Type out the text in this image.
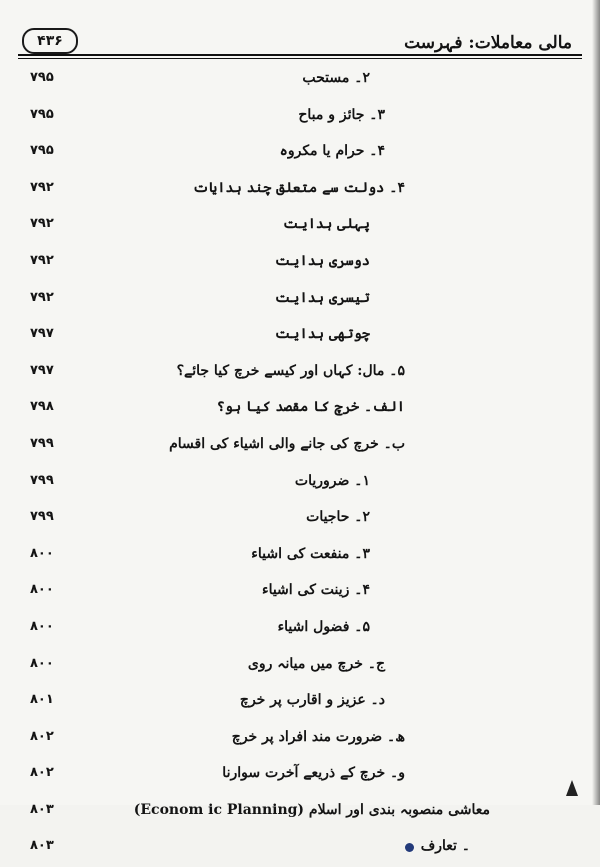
۴۳۶	مالی معاملات: فہرست
۷۹۵	۲۔ مستحب
۷۹۵	۳۔ جائز و مباح
۷۹۵	۴۔ حرام یا مکروہ
۷۹۲	۴۔ دولت سے متعلق چند ہدایات
۷۹۲	پہلی ہدایت
۷۹۲	دوسری ہدایت
۷۹۲	تیسری ہدایت
۷۹۷	چوتھی ہدایت
۷۹۷	۵۔ مال: کہاں اور کیسے خرچ کیا جائے؟
۷۹۸	الف۔ خرچ کا مقصد کیا ہو؟
۷۹۹	ب۔ خرچ کی جانے والی اشیاء کی اقسام
۷۹۹	۱۔ ضروریات
۷۹۹	۲۔ حاجیات
۸۰۰	۳۔ منفعت کی اشیاء
۸۰۰	۴۔ زینت کی اشیاء
۸۰۰	۵۔ فضول اشیاء
۸۰۰	ج۔ خرچ میں میانہ روی
۸۰۱	د۔ عزیز و اقارب پر خرچ
۸۰۲	ھ۔ ضرورت مند افراد پر خرچ
۸۰۲	و۔ خرچ کے ذریعے آخرت سوارنا
۸۰۳	معاشی منصوبہ بندی اور اسلام (Econom ic Planning)
۸۰۳	۔ تعارف
